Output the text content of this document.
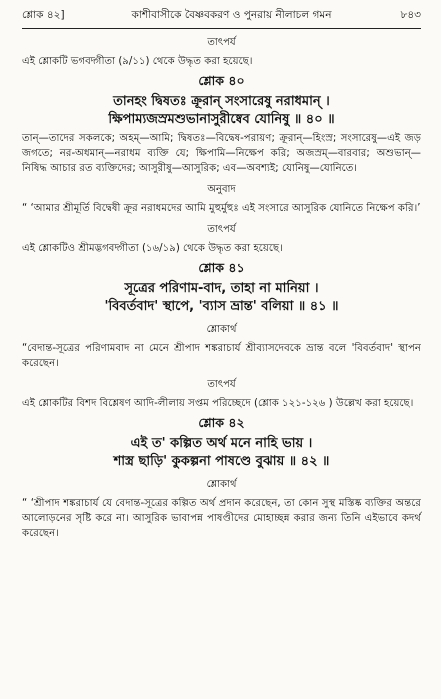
শ্লোক ৪২]	কাশীবাসীকে বৈষ্ণবকরণ ও পুনরায় নীলাচল গমন	৮৪৩
তাৎপর্য

এই শ্লোকটি ভগবদ্গীতা (৯/১১) থেকে উদ্ধৃত করা হয়েছে।

শ্লোক ৪০
তানহং দ্বিষতঃ ক্রূরান্ সংসারেষু নরাধমান্ ।
ক্ষিপাম্যজস্রমশুভানাসুরীষ্বেব যোনিষু ॥ ৪০ ॥

তান্—তাদের সকলকে; অহম্—আমি; দ্বিষতঃ—বিদ্বেষ-পরায়ণ; ক্রূরান্—হিংস্র; সংসারেষু—এই জড় জগতে; নর-অধমান্—নরাধম ব্যক্তি যে; ক্ষিপামি—নিক্ষেপ করি; অজস্রম্—বারবার; অশুভান্—নিষিদ্ধ আচার রত ব্যক্তিদের; আসুরীষু—আসুরিক; এব—অবশ্যই; যোনিষু—যোনিতে।

অনুবাদ

“ ‘আমার শ্রীমূর্তি বিদ্বেষী ক্রূর নরাধমদের আমি মুহুর্মুহুঃ এই সংসারে আসুরিক যোনিতে নিক্ষেপ করি।’

তাৎপর্য

এই শ্লোকটিও শ্রীমদ্ভগবদ্গীতা (১৬/১৯) থেকে উদ্ধৃত করা হয়েছে।

শ্লোক ৪১
সূত্রের পরিণাম-বাদ, তাহা না মানিয়া ।
'বিবর্তবাদ' স্থাপে, 'ব্যাস ভ্রান্ত' বলিয়া ॥ ৪১ ॥
শ্লোকার্থ

“বেদান্ত-সূত্রের পরিণামবাদ না মেনে শ্রীপাদ শঙ্করাচার্য শ্রীব্যাসদেবকে ভ্রান্ত বলে 'বিবর্তবাদ' স্থাপন করেছেন।

তাৎপর্য

এই শ্লোকটির বিশদ বিশ্লেষণ আদি-লীলায় সপ্তম পরিচ্ছেদে (শ্লোক ১২১-১২৬ ) উল্লেখ করা হয়েছে।

শ্লোক ৪২
এই ত' কল্পিত অর্থ মনে নাহি ভায় ।
শাস্ত্র ছাড়ি' কুকল্পনা পাষণ্ডে বুঝায় ॥ ৪২ ॥
শ্লোকার্থ

“ ‘শ্রীপাদ শঙ্করাচার্য যে বেদান্ত-সূত্রের কল্পিত অর্থ প্রদান করেছেন, তা কোন সুস্থ মস্তিষ্ক ব্যক্তির অন্তরে আলোড়নের সৃষ্টি করে না। আসুরিক ভাবাপন্ন পাষণ্ডীদের মোহাচ্ছন্ন করার জন্য তিনি এইভাবে কদর্থ করেছেন।
